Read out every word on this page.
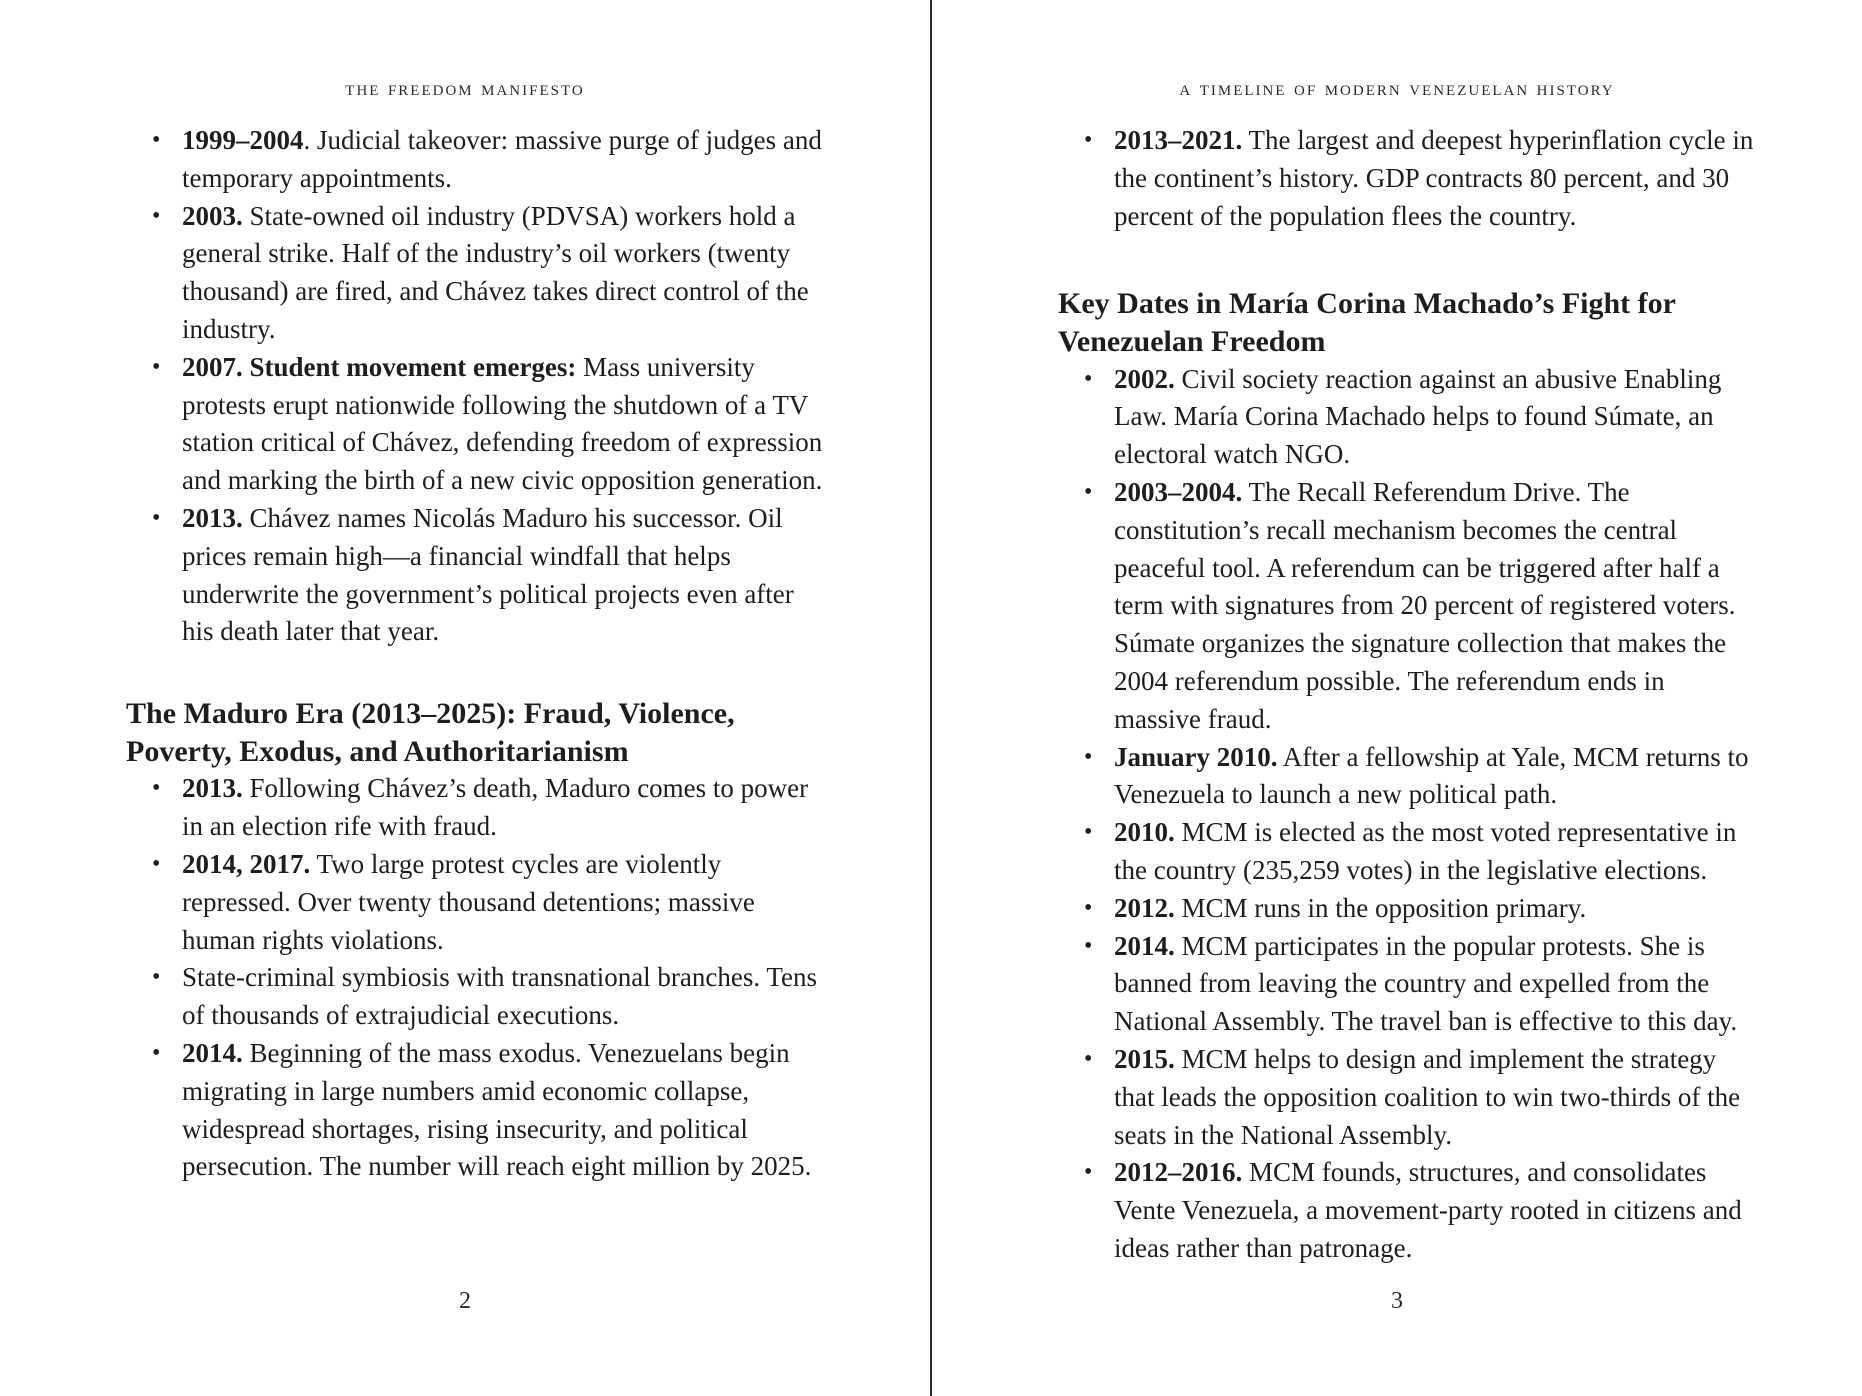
the freedom manifesto
• 1999–2004. Judicial takeover: massive purge of judges and temporary appointments.
• 2003. State-owned oil industry (PDVSA) workers hold a general strike. Half of the industry’s oil workers (twenty thousand) are fired, and Chávez takes direct control of the industry.
• 2007. Student movement emerges: Mass university protests erupt nationwide following the shutdown of a TV station critical of Chávez, defending freedom of expression and marking the birth of a new civic opposition generation.
• 2013. Chávez names Nicolás Maduro his successor. Oil prices remain high—a financial windfall that helps underwrite the government’s political projects even after his death later that year.
The Maduro Era (2013–2025): Fraud, Violence, Poverty, Exodus, and Authoritarianism
• 2013. Following Chávez’s death, Maduro comes to power in an election rife with fraud.
• 2014, 2017. Two large protest cycles are violently repressed. Over twenty thousand detentions; massive human rights violations.
• State-criminal symbiosis with transnational branches. Tens of thousands of extrajudicial executions.
• 2014. Beginning of the mass exodus. Venezuelans begin migrating in large numbers amid economic collapse, widespread shortages, rising insecurity, and political persecution. The number will reach eight million by 2025.
2
a timeline of modern venezuelan history
• 2013–2021. The largest and deepest hyperinflation cycle in the continent’s history. GDP contracts 80 percent, and 30 percent of the population flees the country.
Key Dates in María Corina Machado’s Fight for Venezuelan Freedom
• 2002. Civil society reaction against an abusive Enabling Law. María Corina Machado helps to found Súmate, an electoral watch NGO.
• 2003–2004. The Recall Referendum Drive. The constitution’s recall mechanism becomes the central peaceful tool. A referendum can be triggered after half a term with signatures from 20 percent of registered voters. Súmate organizes the signature collection that makes the 2004 referendum possible. The referendum ends in massive fraud.
• January 2010. After a fellowship at Yale, MCM returns to Venezuela to launch a new political path.
• 2010. MCM is elected as the most voted representative in the country (235,259 votes) in the legislative elections.
• 2012. MCM runs in the opposition primary.
• 2014. MCM participates in the popular protests. She is banned from leaving the country and expelled from the National Assembly. The travel ban is effective to this day.
• 2015. MCM helps to design and implement the strategy that leads the opposition coalition to win two-thirds of the seats in the National Assembly.
• 2012–2016. MCM founds, structures, and consolidates Vente Venezuela, a movement-party rooted in citizens and ideas rather than patronage.
3
